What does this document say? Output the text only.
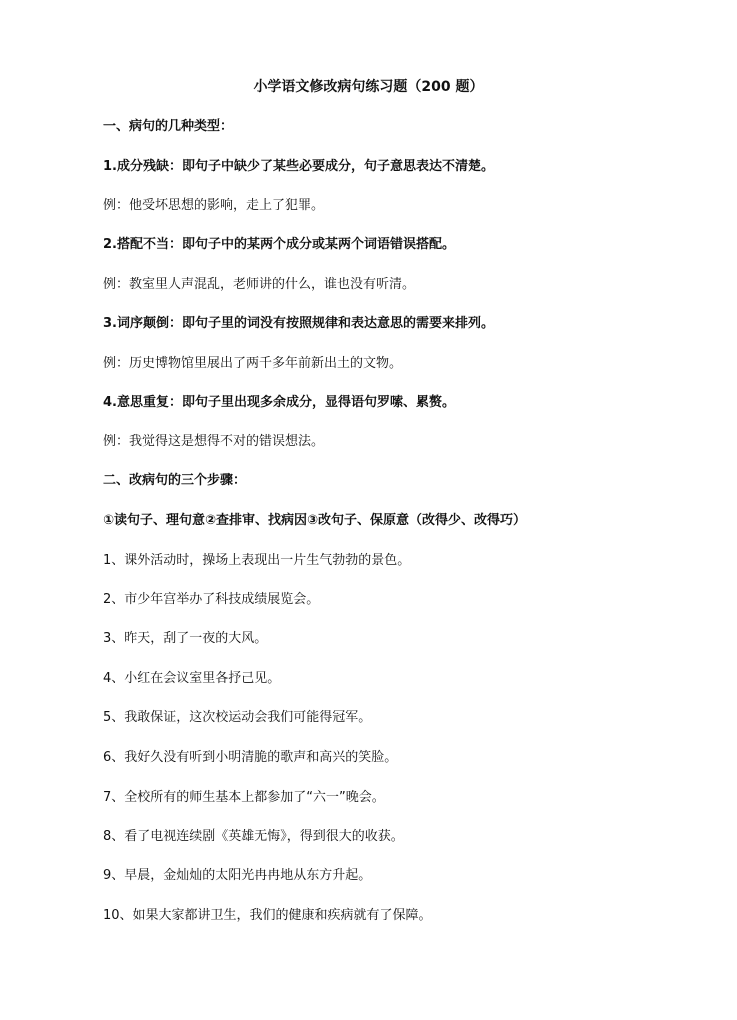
小学语文修改病句练习题（200 题）
一、病句的几种类型：
1.成分残缺：即句子中缺少了某些必要成分，句子意思表达不清楚。
例：他受坏思想的影响，走上了犯罪。
2.搭配不当：即句子中的某两个成分或某两个词语错误搭配。
例：教室里人声混乱，老师讲的什么，谁也没有听清。
3.词序颠倒：即句子里的词没有按照规律和表达意思的需要来排列。
例：历史博物馆里展出了两千多年前新出土的文物。
4.意思重复：即句子里出现多余成分，显得语句罗嗦、累赘。
例：我觉得这是想得不对的错误想法。
二、改病句的三个步骤：
①读句子、理句意②查排审、找病因③改句子、保原意（改得少、改得巧）
1、课外活动时，操场上表现出一片生气勃勃的景色。
2、市少年宫举办了科技成绩展览会。
3、昨天，刮了一夜的大风。
4、小红在会议室里各抒己见。
5、我敢保证，这次校运动会我们可能得冠军。
6、我好久没有听到小明清脆的歌声和高兴的笑脸。
7、全校所有的师生基本上都参加了“六一”晚会。
8、看了电视连续剧《英雄无悔》，得到很大的收获。
9、早晨，金灿灿的太阳光冉冉地从东方升起。
10、如果大家都讲卫生，我们的健康和疾病就有了保障。
